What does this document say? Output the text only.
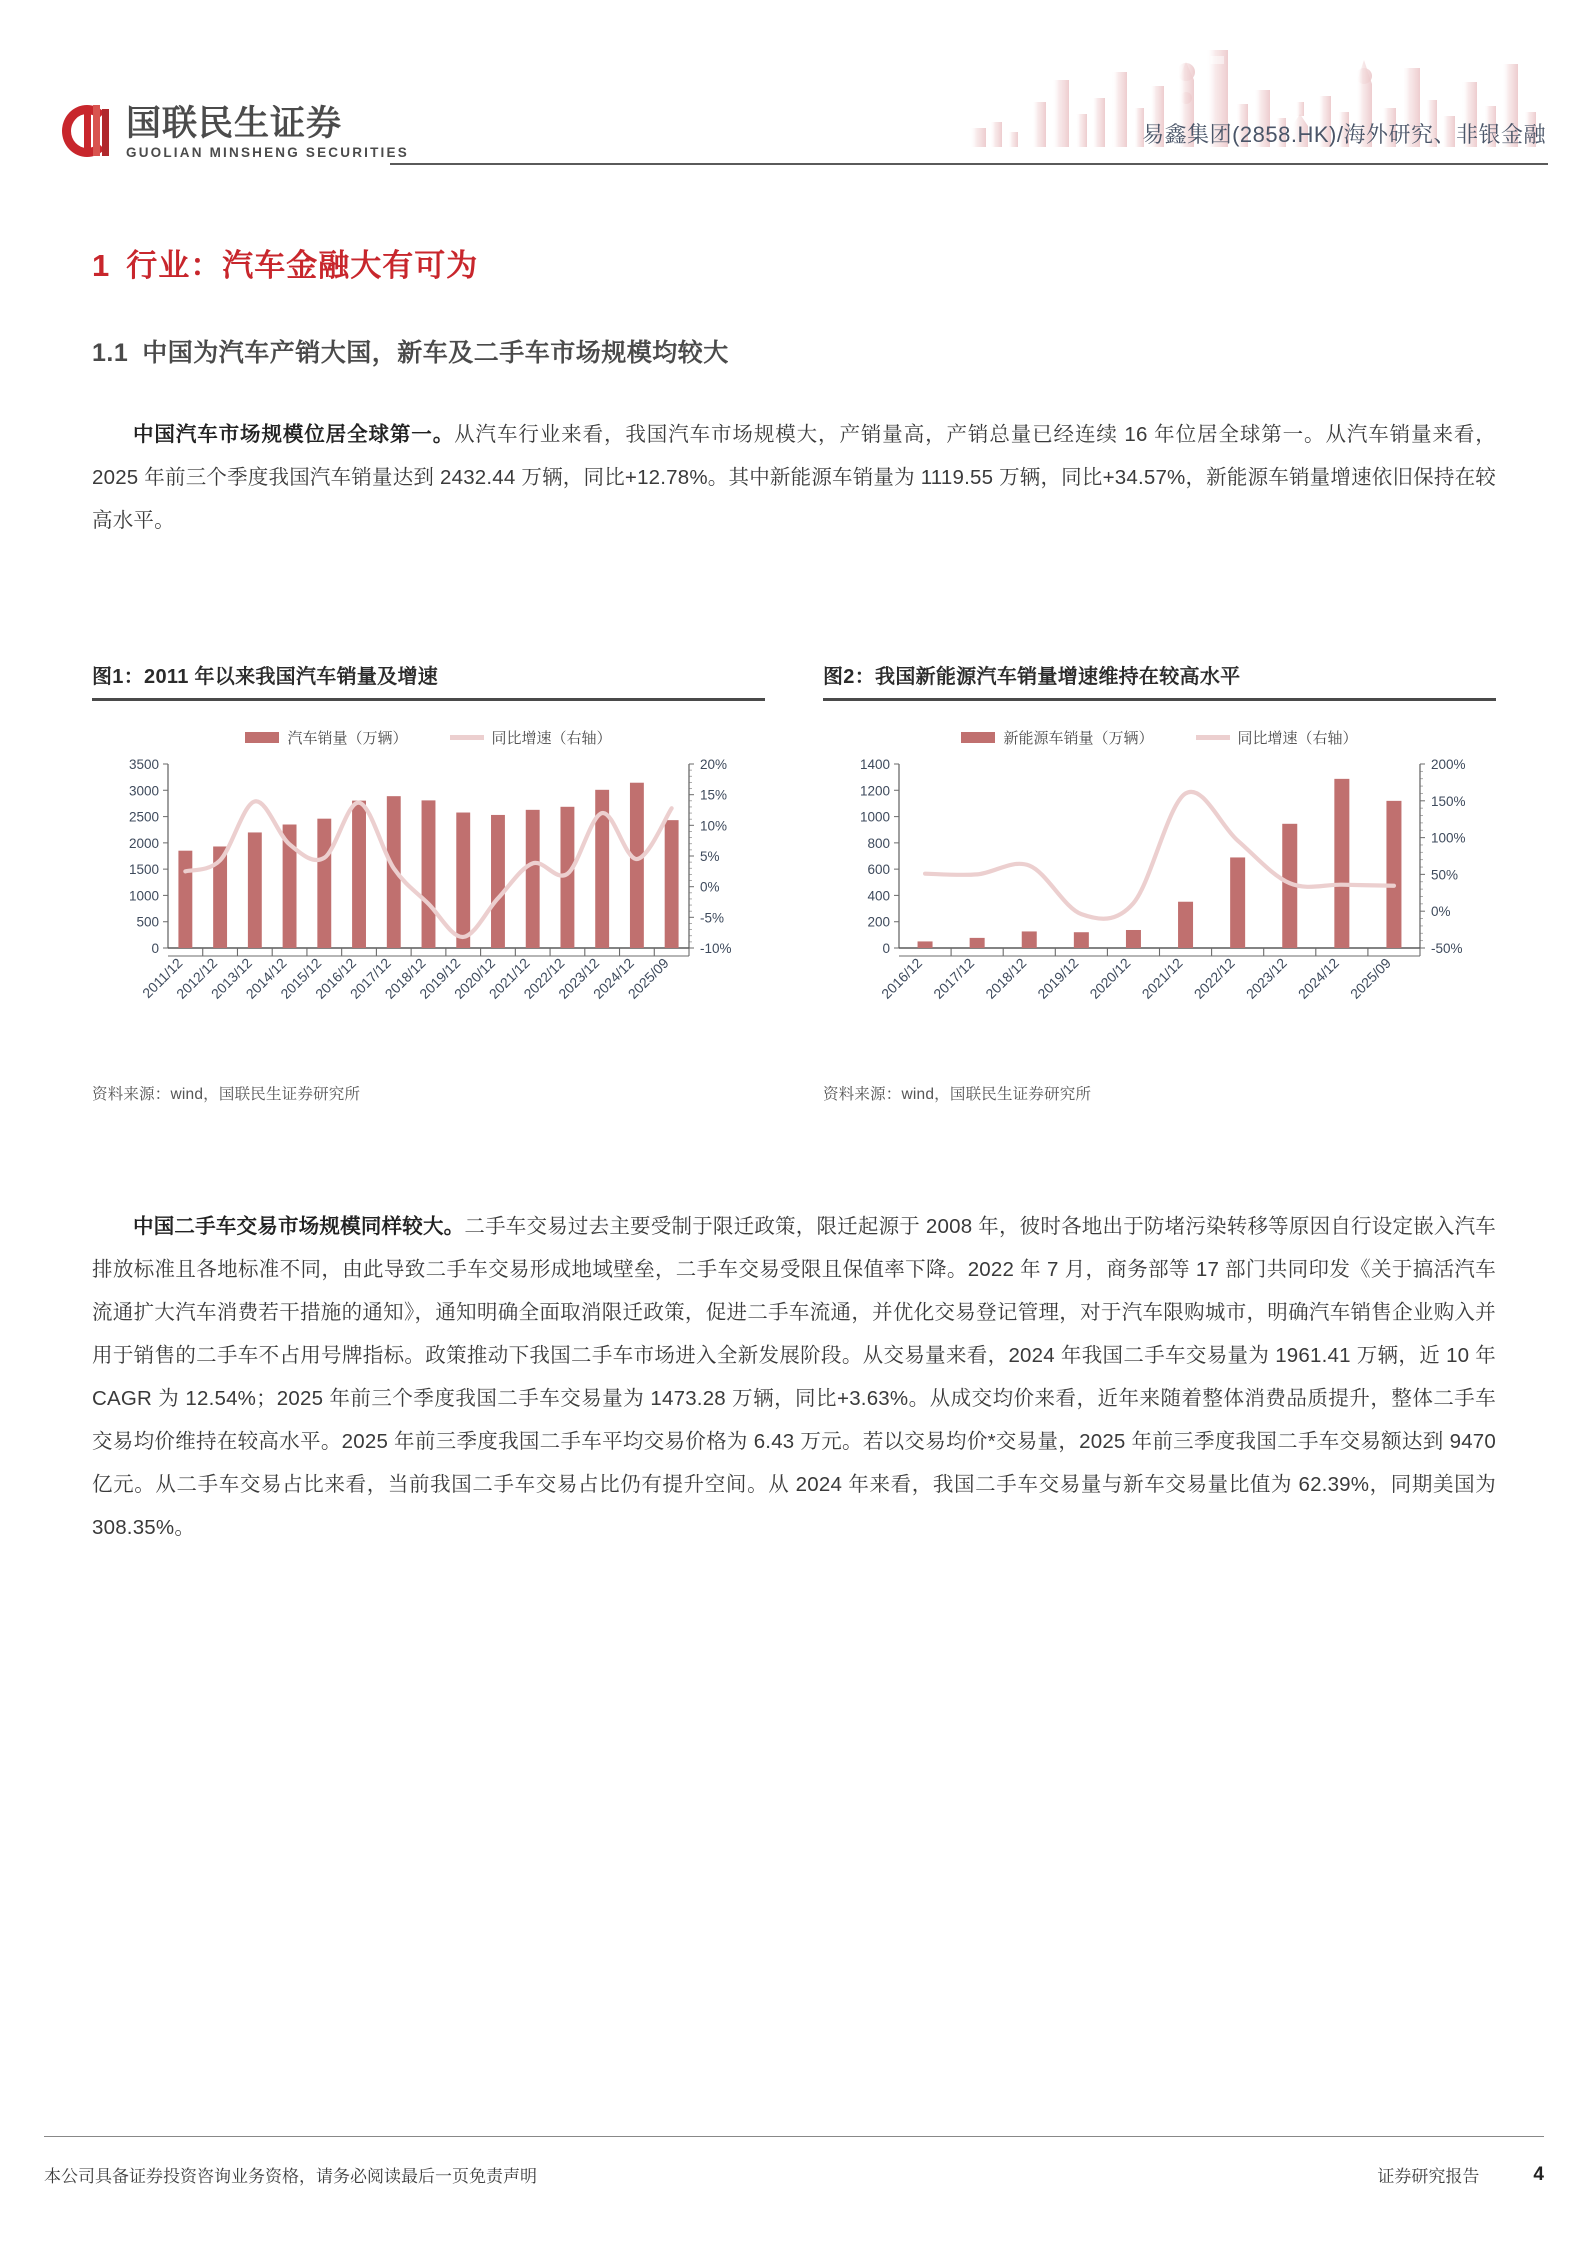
国联民生证券
GUOLIAN MINSHENG SECURITIES
易鑫集团(2858.HK)/海外研究、非银金融
1 行业：汽车金融大有可为
1.1 中国为汽车产销大国，新车及二手车市场规模均较大

中国汽车市场规模位居全球第一。从汽车行业来看，我国汽车市场规模大，产销量高，产销总量已经连续 16 年位居全球第一。从汽车销量来看，2025 年前三个季度我国汽车销量达到 2432.44 万辆，同比+12.78%。其中新能源车销量为 1119.55 万辆，同比+34.57%，新能源车销量增速依旧保持在较高水平。

图1：2011 年以来我国汽车销量及增速
汽车销量（万辆）	同比增速（右轴）
0
500
1000
1500
2000
2500
3000
3500
-10%
-5%
0%
5%
10%
15%
20%
2011/12
2012/12
2013/12
2014/12
2015/12
2016/12
2017/12
2018/12
2019/12
2020/12
2021/12
2022/12
2023/12
2024/12
2025/09
资料来源：wind，国联民生证券研究所
图2：我国新能源汽车销量增速维持在较高水平
新能源车销量（万辆）	同比增速（右轴）
0
200
400
600
800
1000
1200
1400
-50%
0%
50%
100%
150%
200%
2016/12 2017/12 2018/12 2019/12 2020/12 2021/12 2022/12 2023/12 2024/12 2025/09
资料来源：wind，国联民生证券研究所

中国二手车交易市场规模同样较大。二手车交易过去主要受制于限迁政策，限迁起源于 2008 年，彼时各地出于防堵污染转移等原因自行设定嵌入汽车排放标准且各地标准不同，由此导致二手车交易形成地域壁垒，二手车交易受限且保值率下降。2022 年 7 月，商务部等 17 部门共同印发《关于搞活汽车流通扩大汽车消费若干措施的通知》，通知明确全面取消限迁政策，促进二手车流通，并优化交易登记管理，对于汽车限购城市，明确汽车销售企业购入并用于销售的二手车不占用号牌指标。政策推动下我国二手车市场进入全新发展阶段。从交易量来看，2024 年我国二手车交易量为 1961.41 万辆，近 10 年 CAGR 为 12.54%；2025 年前三个季度我国二手车交易量为 1473.28 万辆，同比+3.63%。从成交均价来看，近年来随着整体消费品质提升，整体二手车交易均价维持在较高水平。2025 年前三季度我国二手车平均交易价格为 6.43 万元。若以交易均价*交易量，2025 年前三季度我国二手车交易额达到 9470 亿元。从二手车交易占比来看，当前我国二手车交易占比仍有提升空间。从 2024 年来看，我国二手车交易量与新车交易量比值为 62.39%，同期美国为 308.35%。

本公司具备证券投资咨询业务资格，请务必阅读最后一页免责声明	证券研究报告	4
